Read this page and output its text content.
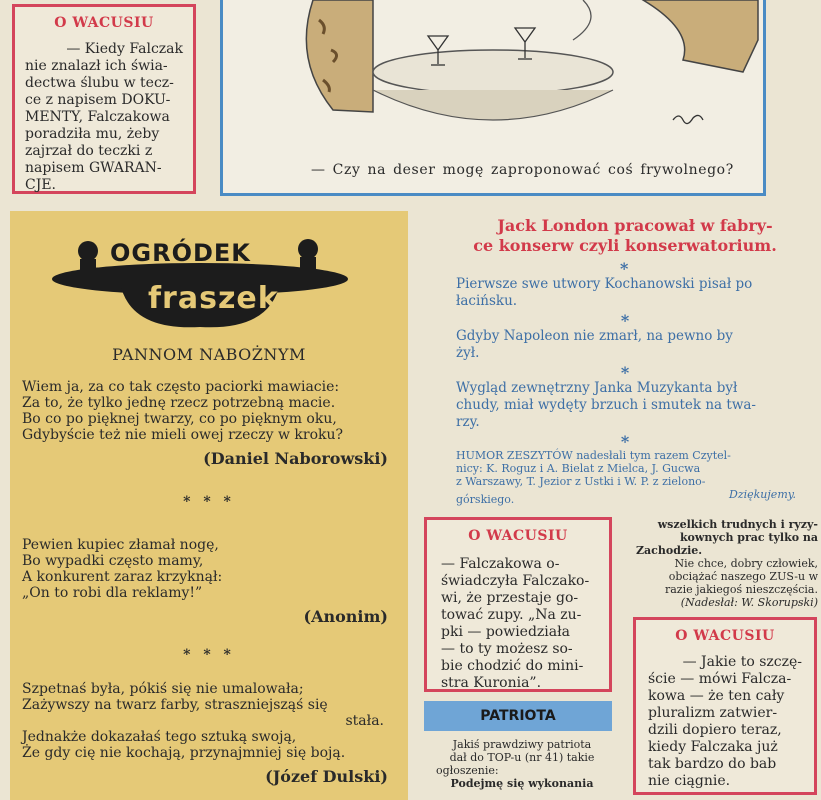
O WACUSIU
— Kiedy Falczak
nie znalazł ich świa-
dectwa ślubu w tecz-
ce z napisem DOKU-
MENTY, Falczakowa
poradziła mu, żeby
zajrzał do teczki z
napisem GWARAN-
CJE.
— Czy na deser mogę zaproponować coś frywolnego?
OGRÓDEK
fraszek
PANNOM NABOŻNYM
Wiem ja, za co tak często paciorki mawiacie:
Za to, że tylko jednę rzecz potrzebną macie.
Bo co po pięknej twarzy, co po pięknym oku,
Gdybyście też nie mieli owej rzeczy w kroku?
(Daniel Naborowski)
* * *
Pewien kupiec złamał nogę,
Bo wypadki często mamy,
A konkurent zaraz krzyknął:
„On to robi dla reklamy!”
(Anonim)
* * *
Szpetnaś była, pókiś się nie umalowała;
Zażywszy na twarz farby, straszniejsząś się
stała.
Jednakże dokazałaś tego sztuką swoją,
Że gdy cię nie kochają, przynajmniej się boją.
(Józef Dulski)
Jack London pracował w fabry-
ce konserw czyli konserwatorium.
*
Pierwsze swe utwory Kochanowski pisał po
łacińsku.
*
Gdyby Napoleon nie zmarł, na pewno by
żył.
*
Wygląd zewnętrzny Janka Muzykanta był
chudy, miał wydęty brzuch i smutek na twa-
rzy.
*
HUMOR ZESZYTÓW nadesłali tym razem Czytel-
nicy: K. Roguz i A. Bielat z Mielca, J. Gucwa
z Warszawy, T. Jezior z Ustki i W. P. z zielono-
górskiego.	Dziękujemy.
O WACUSIU
— Falczakowa o-
świadczyła Falczako-
wi, że przestaje go-
tować zupy. „Na zu-
pki — powiedziała
— to ty możesz so-
bie chodzić do mini-
stra Kuronia”.
PATRIOTA
Jakiś prawdziwy patriota
dał do TOP-u (nr 41) takie
ogłoszenie:
Podejmę się wykonania
wszelkich trudnych i ryzy-
kownych prac tylko na
Zachodzie.
Nie chce, dobry człowiek,
obciążać naszego ZUS-u w
razie jakiegoś nieszczęścia.
(Nadesłał: W. Skorupski)
O WACUSIU
— Jakie to szczę-
ście — mówi Falcza-
kowa — że ten cały
pluralizm zatwier-
dzili dopiero teraz,
kiedy Falczaka już
tak bardzo do bab
nie ciągnie.
